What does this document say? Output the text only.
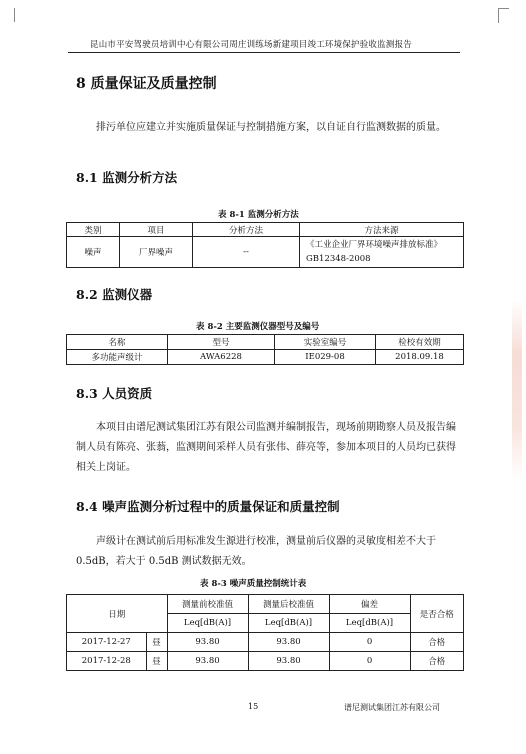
昆山市平安驾驶员培训中心有限公司周庄训练场新建项目竣工环境保护验收监测报告
8 质量保证及质量控制
排污单位应建立并实施质量保证与控制措施方案，以自证自行监测数据的质量。
8.1 监测分析方法
表 8-1 监测分析方法
类别	项目	分析方法	方法来源
噪声	厂界噪声	--	《工业企业厂界环境噪声排放标准》
GB12348-2008
8.2 监测仪器
表 8-2 主要监测仪器型号及编号
名称	型号	实验室编号	检校有效期
多功能声级计	AWA6228	IE029-08	2018.09.18
8.3 人员资质
本项目由谱尼测试集团江苏有限公司监测并编制报告，现场前期勘察人员及报告编制人员有陈亮、张蓊，监测期间采样人员有张伟、薛亮等，参加本项目的人员均已获得相关上岗证。
8.4 噪声监测分析过程中的质量保证和质量控制
声级计在测试前后用标准发生源进行校准，测量前后仪器的灵敏度相差不大于 0.5dB，若大于 0.5dB 测试数据无效。
表 8-3 噪声质量控制统计表
日期		测量前校准值	测量后校准值	偏差	是否合格
		Leq[dB(A)]	Leq[dB(A)]	Leq[dB(A)]	
2017-12-27	昼	93.80	93.80	0	合格
2017-12-28	昼	93.80	93.80	0	合格
15	谱尼测试集团江苏有限公司
